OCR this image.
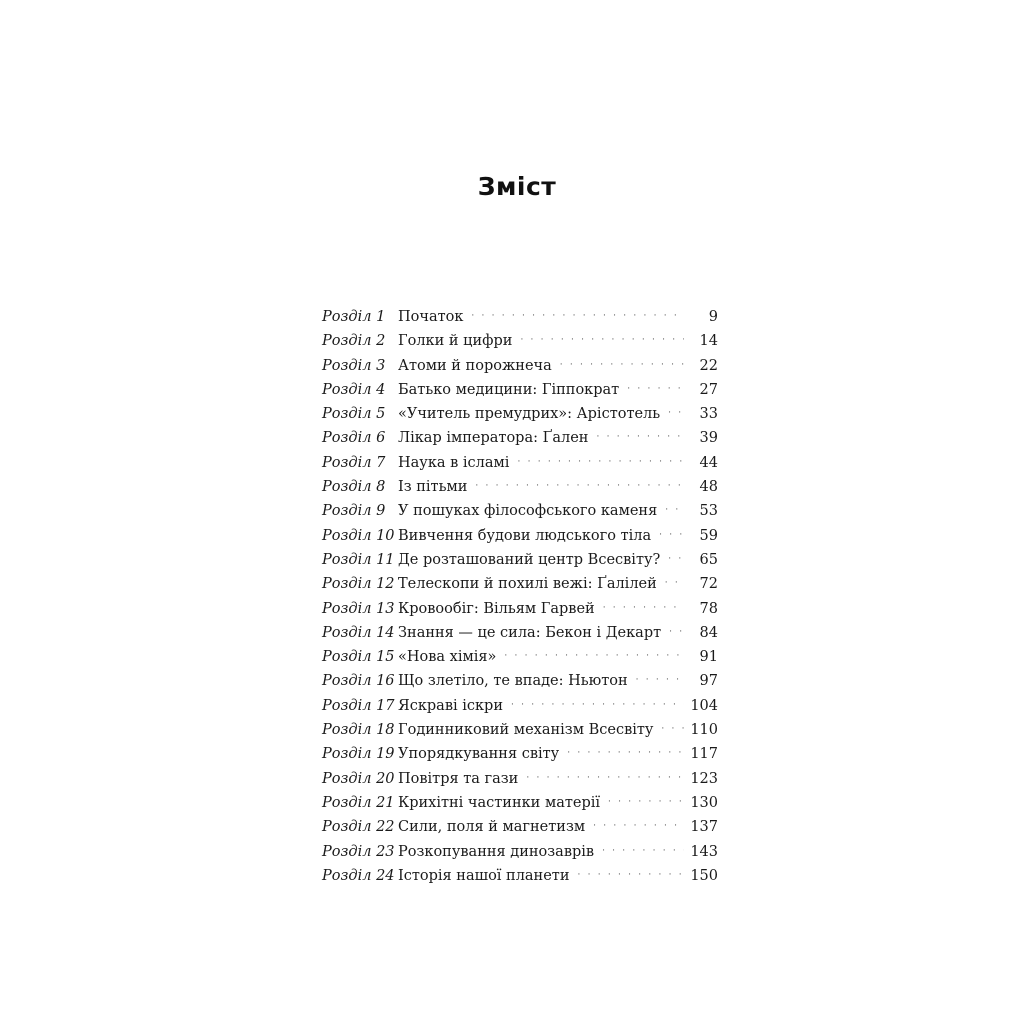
Зміст
Розділ 1 Початок · · ·	9
Розділ 2 Голки й цифри · · ·	14
Розділ 3 Атоми й порожнеча · · ·	22
Розділ 4 Батько медицини: Гіппократ · · ·	27
Розділ 5 «Учитель премудрих»: Арістотель · · ·	33
Розділ 6 Лікар імператора: Ґален · · ·	39
Розділ 7 Наука в ісламі · · ·	44
Розділ 8 Із пітьми · · ·	48
Розділ 9 У пошуках філософського каменя · · ·	53
Розділ 10 Вивчення будови людського тіла · · ·	59
Розділ 11 Де розташований центр Всесвіту? · · ·	65
Розділ 12 Телескопи й похилі вежі: Ґалілей · · ·	72
Розділ 13 Кровообіг: Вільям Гарвей · · ·	78
Розділ 14 Знання — це сила: Бекон і Декарт · · ·	84
Розділ 15 «Нова хімія» · · ·	91
Розділ 16 Що злетіло, те впаде: Ньютон · · ·	97
Розділ 17 Яскраві іскри · · ·	104
Розділ 18 Годинниковий механізм Всесвіту · · ·	110
Розділ 19 Упорядкування світу · · ·	117
Розділ 20 Повітря та гази · · ·	123
Розділ 21 Крихітні частинки матерії · · ·	130
Розділ 22 Сили, поля й магнетизм · · ·	137
Розділ 23 Розкопування динозаврів · · ·	143
Розділ 24 Історія нашої планети · · ·	150
